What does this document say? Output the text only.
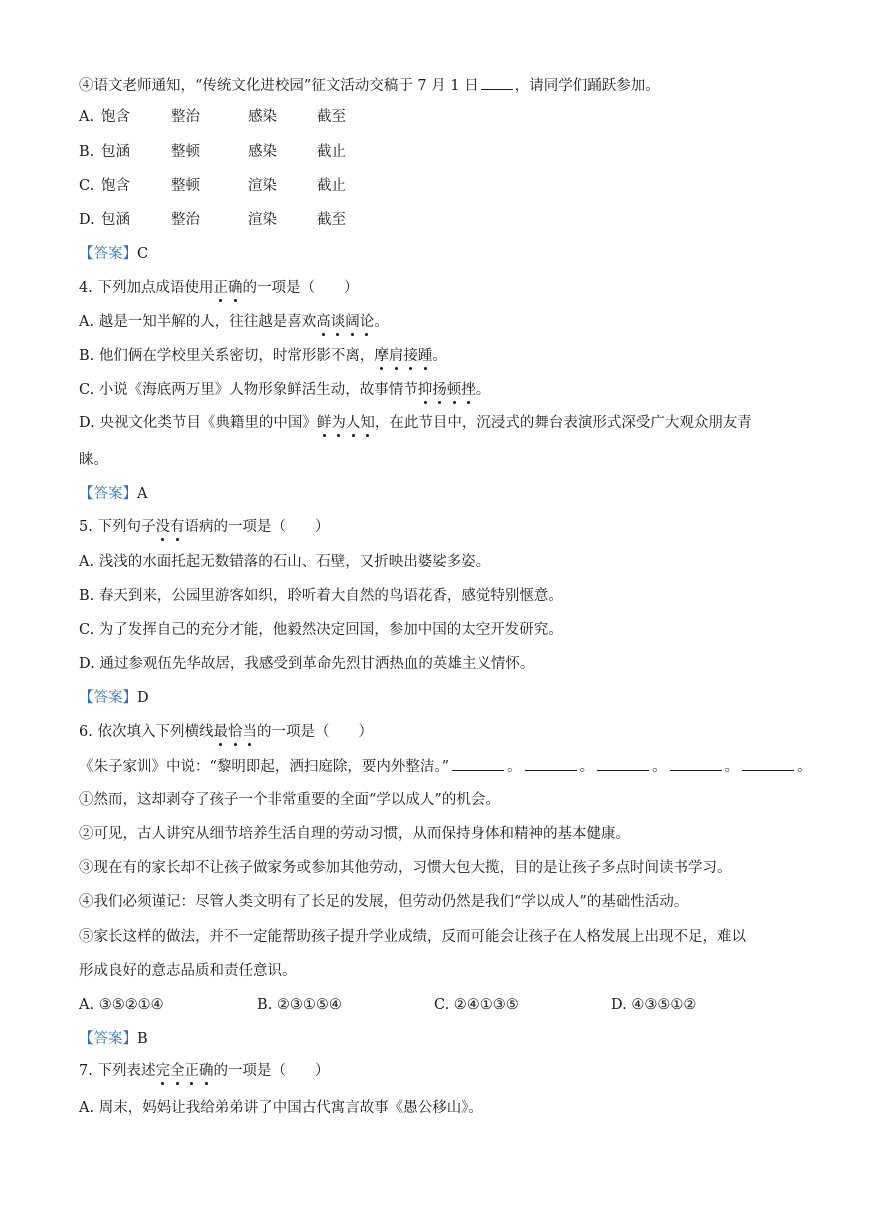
④语文老师通知，“传统文化进校园”征文活动交稿于 7 月 1 日 ，请同学们踊跃参加。
A. 饱含	整治	感染	截至
B. 包涵	整顿	感染	截止
C. 饱含	整顿	渲染	截止
D. 包涵	整治	渲染	截至
【答案】C
4. 下列加点成语使用正确的一项是（　　）
A. 越是一知半解的人，往往越是喜欢高谈阔论。
B. 他们俩在学校里关系密切，时常形影不离，摩肩接踵。
C. 小说《海底两万里》人物形象鲜活生动，故事情节抑扬顿挫。
D. 央视文化类节目《典籍里的中国》鲜为人知，在此节目中，沉浸式的舞台表演形式深受广大观众朋友青
睐。
【答案】A
5. 下列句子没有语病的一项是（　　）
A. 浅浅的水面托起无数错落的石山、石壁，又折映出婆娑多姿。
B. 春天到来，公园里游客如织，聆听着大自然的鸟语花香，感觉特别惬意。
C. 为了发挥自己的充分才能，他毅然决定回国，参加中国的太空开发研究。
D. 通过参观伍先华故居，我感受到革命先烈甘洒热血的英雄主义情怀。
【答案】D
6. 依次填入下列横线最恰当的一项是（　　）
《朱子家训》中说：“黎明即起，洒扫庭除，要内外整洁。”	。	。	。	。	。
①然而，这却剥夺了孩子一个非常重要的全面“学以成人”的机会。
②可见，古人讲究从细节培养生活自理的劳动习惯，从而保持身体和精神的基本健康。
③现在有的家长却不让孩子做家务或参加其他劳动，习惯大包大揽，目的是让孩子多点时间读书学习。
④我们必须谨记：尽管人类文明有了长足的发展，但劳动仍然是我们“学以成人”的基础性活动。
⑤家长这样的做法，并不一定能帮助孩子提升学业成绩，反而可能会让孩子在人格发展上出现不足，难以
形成良好的意志品质和责任意识。
A. ③⑤②①④	B. ②③①⑤④	C. ②④①③⑤	D. ④③⑤①②
【答案】B
7. 下列表述完全正确的一项是（　　）
A. 周末，妈妈让我给弟弟讲了中国古代寓言故事《愚公移山》。
